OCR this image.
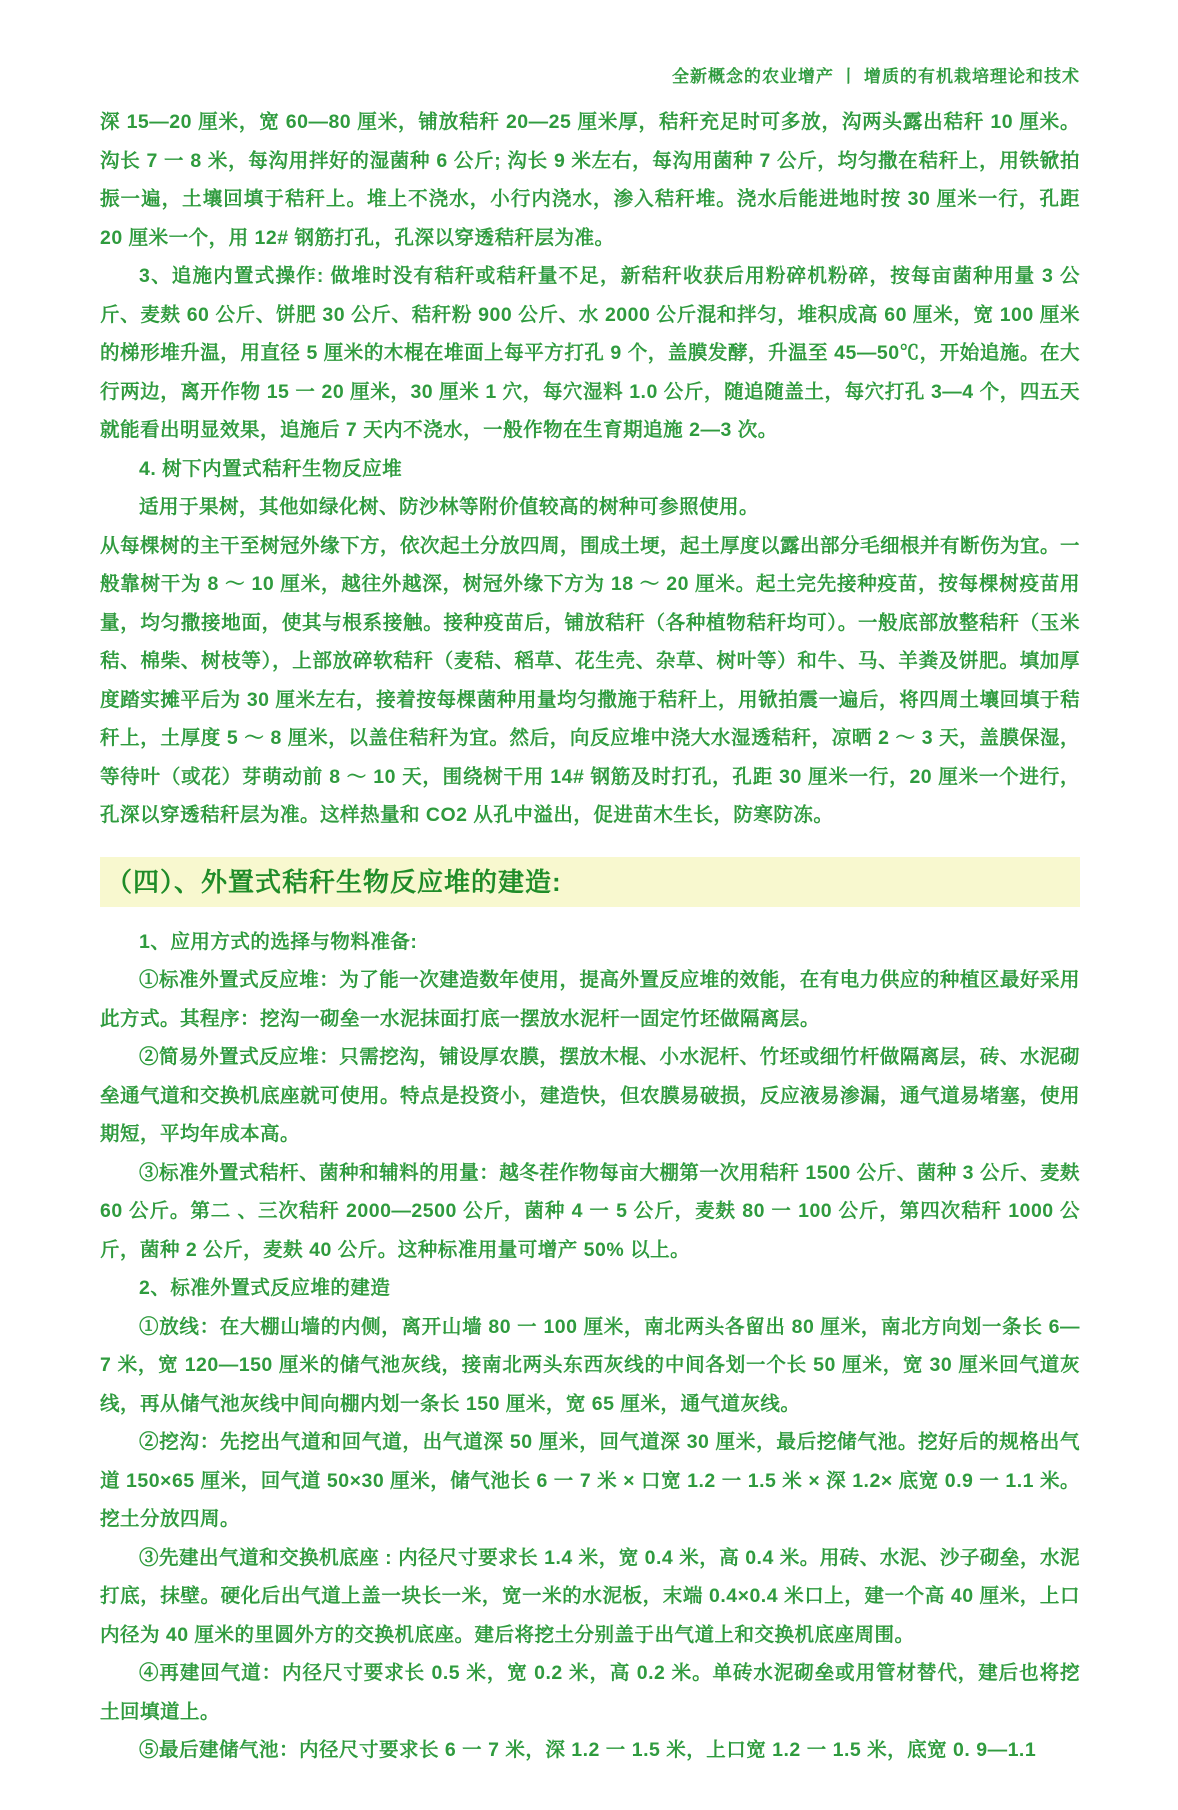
全新概念的农业增产 丨 增质的有机栽培理论和技术

深 15—20 厘米，宽 60—80 厘米，铺放秸秆 20—25 厘米厚，秸秆充足时可多放，沟两头露出秸秆 10 厘米。沟长 7 一 8 米，每沟用拌好的湿菌种 6 公斤; 沟长 9 米左右，每沟用菌种 7 公斤，均匀撒在秸秆上，用铁锨拍振一遍，土壤回填于秸秆上。堆上不浇水，小行内浇水，渗入秸秆堆。浇水后能进地时按 30 厘米一行，孔距 20 厘米一个，用 12# 钢筋打孔，孔深以穿透秸秆层为准。

3、追施内置式操作: 做堆时没有秸秆或秸秆量不足，新秸秆收获后用粉碎机粉碎，按每亩菌种用量 3 公斤、麦麸 60 公斤、饼肥 30 公斤、秸秆粉 900 公斤、水 2000 公斤混和拌匀，堆积成高 60 厘米，宽 100 厘米的梯形堆升温，用直径 5 厘米的木棍在堆面上每平方打孔 9 个，盖膜发酵，升温至 45—50℃，开始追施。在大行两边，离开作物 15 一 20 厘米，30 厘米 1 穴，每穴湿料 1.0 公斤，随追随盖土，每穴打孔 3—4 个，四五天就能看出明显效果，追施后 7 天内不浇水，一般作物在生育期追施 2—3 次。

4. 树下内置式秸秆生物反应堆

适用于果树，其他如绿化树、防沙林等附价值较高的树种可参照使用。

从每棵树的主干至树冠外缘下方，依次起土分放四周，围成土埂，起土厚度以露出部分毛细根并有断伤为宜。一般靠树干为 8 ～ 10 厘米，越往外越深，树冠外缘下方为 18 ～ 20 厘米。起土完先接种疫苗，按每棵树疫苗用量，均匀撒接地面，使其与根系接触。接种疫苗后，铺放秸秆（各种植物秸秆均可）。一般底部放整秸秆（玉米秸、棉柴、树枝等），上部放碎软秸秆（麦秸、稻草、花生壳、杂草、树叶等）和牛、马、羊粪及饼肥。填加厚度踏实摊平后为 30 厘米左右，接着按每棵菌种用量均匀撒施于秸秆上，用锨拍震一遍后，将四周土壤回填于秸秆上，土厚度 5 ～ 8 厘米，以盖住秸秆为宜。然后，向反应堆中浇大水湿透秸秆，凉晒 2 ～ 3 天，盖膜保湿，等待叶（或花）芽萌动前 8 ～ 10 天，围绕树干用 14# 钢筋及时打孔，孔距 30 厘米一行，20 厘米一个进行，孔深以穿透秸秆层为准。这样热量和 CO2 从孔中溢出，促进苗木生长，防寒防冻。

（四）、外置式秸秆生物反应堆的建造:

1、应用方式的选择与物料准备:

①标准外置式反应堆：为了能一次建造数年使用，提高外置反应堆的效能，在有电力供应的种植区最好采用此方式。其程序：挖沟一砌垒一水泥抹面打底一摆放水泥杆一固定竹坯做隔离层。

②简易外置式反应堆：只需挖沟，铺设厚农膜，摆放木棍、小水泥杆、竹坯或细竹杆做隔离层，砖、水泥砌垒通气道和交换机底座就可使用。特点是投资小，建造快，但农膜易破损，反应液易渗漏，通气道易堵塞，使用期短，平均年成本高。

③标准外置式秸杆、菌种和辅料的用量：越冬茬作物每亩大棚第一次用秸秆 1500 公斤、菌种 3 公斤、麦麸 60 公斤。第二 、三次秸秆 2000—2500 公斤，菌种 4 一 5 公斤，麦麸 80 一 100 公斤，第四次秸秆 1000 公斤，菌种 2 公斤，麦麸 40 公斤。这种标准用量可增产 50% 以上。

2、标准外置式反应堆的建造

①放线：在大棚山墙的内侧，离开山墙 80 一 100 厘米，南北两头各留出 80 厘米，南北方向划一条长 6—7 米，宽 120—150 厘米的储气池灰线，接南北两头东西灰线的中间各划一个长 50 厘米，宽 30 厘米回气道灰线，再从储气池灰线中间向棚内划一条长 150 厘米，宽 65 厘米，通气道灰线。

②挖沟：先挖出气道和回气道，出气道深 50 厘米，回气道深 30 厘米，最后挖储气池。挖好后的规格出气道 150×65 厘米，回气道 50×30 厘米，储气池长 6 一 7 米 × 口宽 1.2 一 1.5 米 × 深 1.2× 底宽 0.9 一 1.1 米。挖土分放四周。

③先建出气道和交换机底座 : 内径尺寸要求长 1.4 米，宽 0.4 米，高 0.4 米。用砖、水泥、沙子砌垒，水泥打底，抹壁。硬化后出气道上盖一块长一米，宽一米的水泥板，末端 0.4×0.4 米口上，建一个高 40 厘米，上口内径为 40 厘米的里圆外方的交换机底座。建后将挖土分别盖于出气道上和交换机底座周围。

④再建回气道：内径尺寸要求长 0.5 米，宽 0.2 米，高 0.2 米。单砖水泥砌垒或用管材替代，建后也将挖土回填道上。

⑤最后建储气池：内径尺寸要求长 6 一 7 米，深 1.2 一 1.5 米，上口宽 1.2 一 1.5 米，底宽 0. 9—1.1
